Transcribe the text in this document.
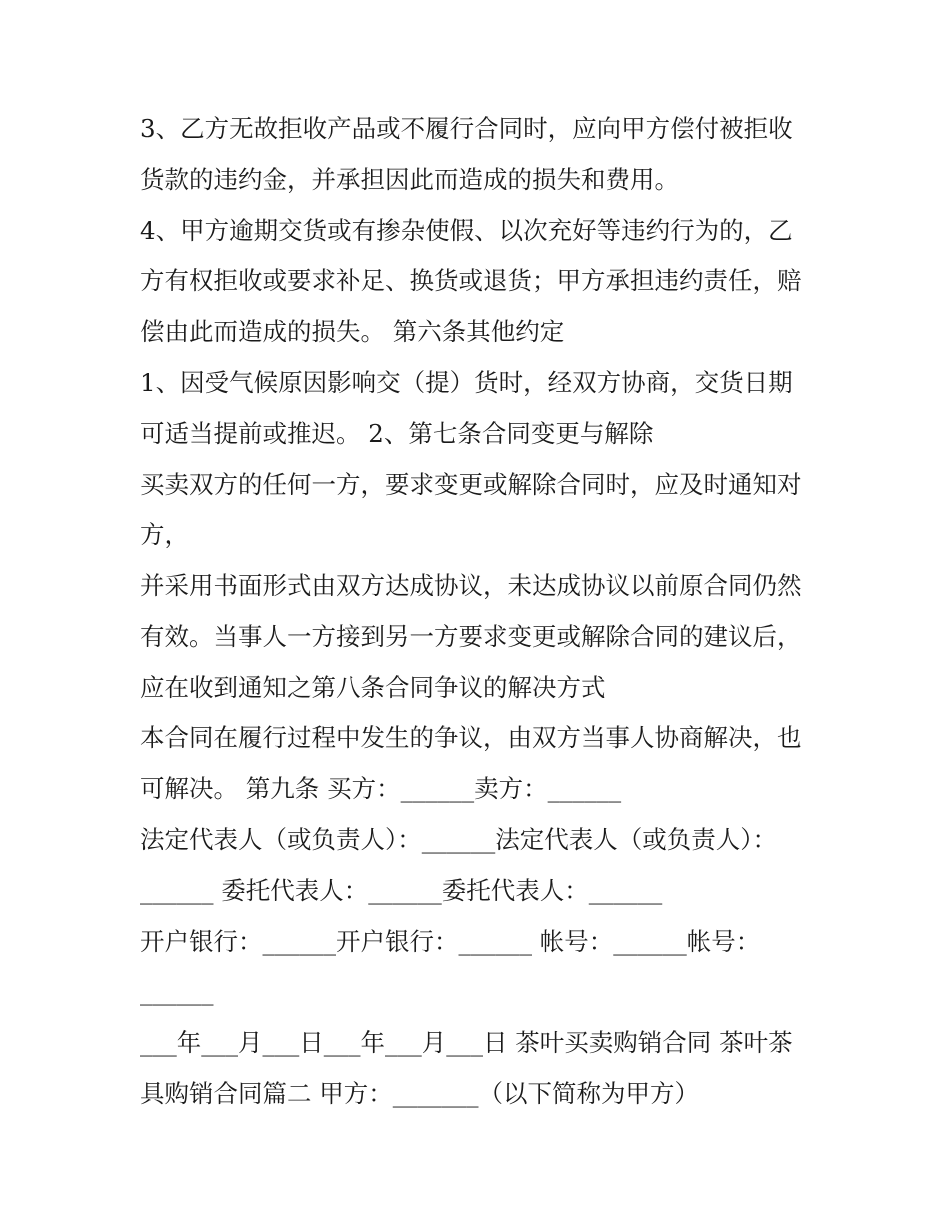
3、乙方无故拒收产品或不履行合同时，应向甲方偿付被拒收
货款的违约金，并承担因此而造成的损失和费用。
4、甲方逾期交货或有掺杂使假、以次充好等违约行为的，乙
方有权拒收或要求补足、换货或退货；甲方承担违约责任，赔
偿由此而造成的损失。 第六条其他约定
1、因受气候原因影响交（提）货时，经双方协商，交货日期
可适当提前或推迟。 2、第七条合同变更与解除
买卖双方的任何一方，要求变更或解除合同时，应及时通知对
方，
并采用书面形式由双方达成协议，未达成协议以前原合同仍然
有效。当事人一方接到另一方要求变更或解除合同的建议后，
应在收到通知之第八条合同争议的解决方式
本合同在履行过程中发生的争议，由双方当事人协商解决，也
可解决。 第九条 买方：______卖方：______
法定代表人（或负责人）：______法定代表人（或负责人）：
______ 委托代表人：______委托代表人：______
开户银行：______开户银行：______ 帐号：______帐号：
______
___年___月___日___年___月___日 茶叶买卖购销合同 茶叶茶
具购销合同篇二 甲方：_______（以下简称为甲方）
